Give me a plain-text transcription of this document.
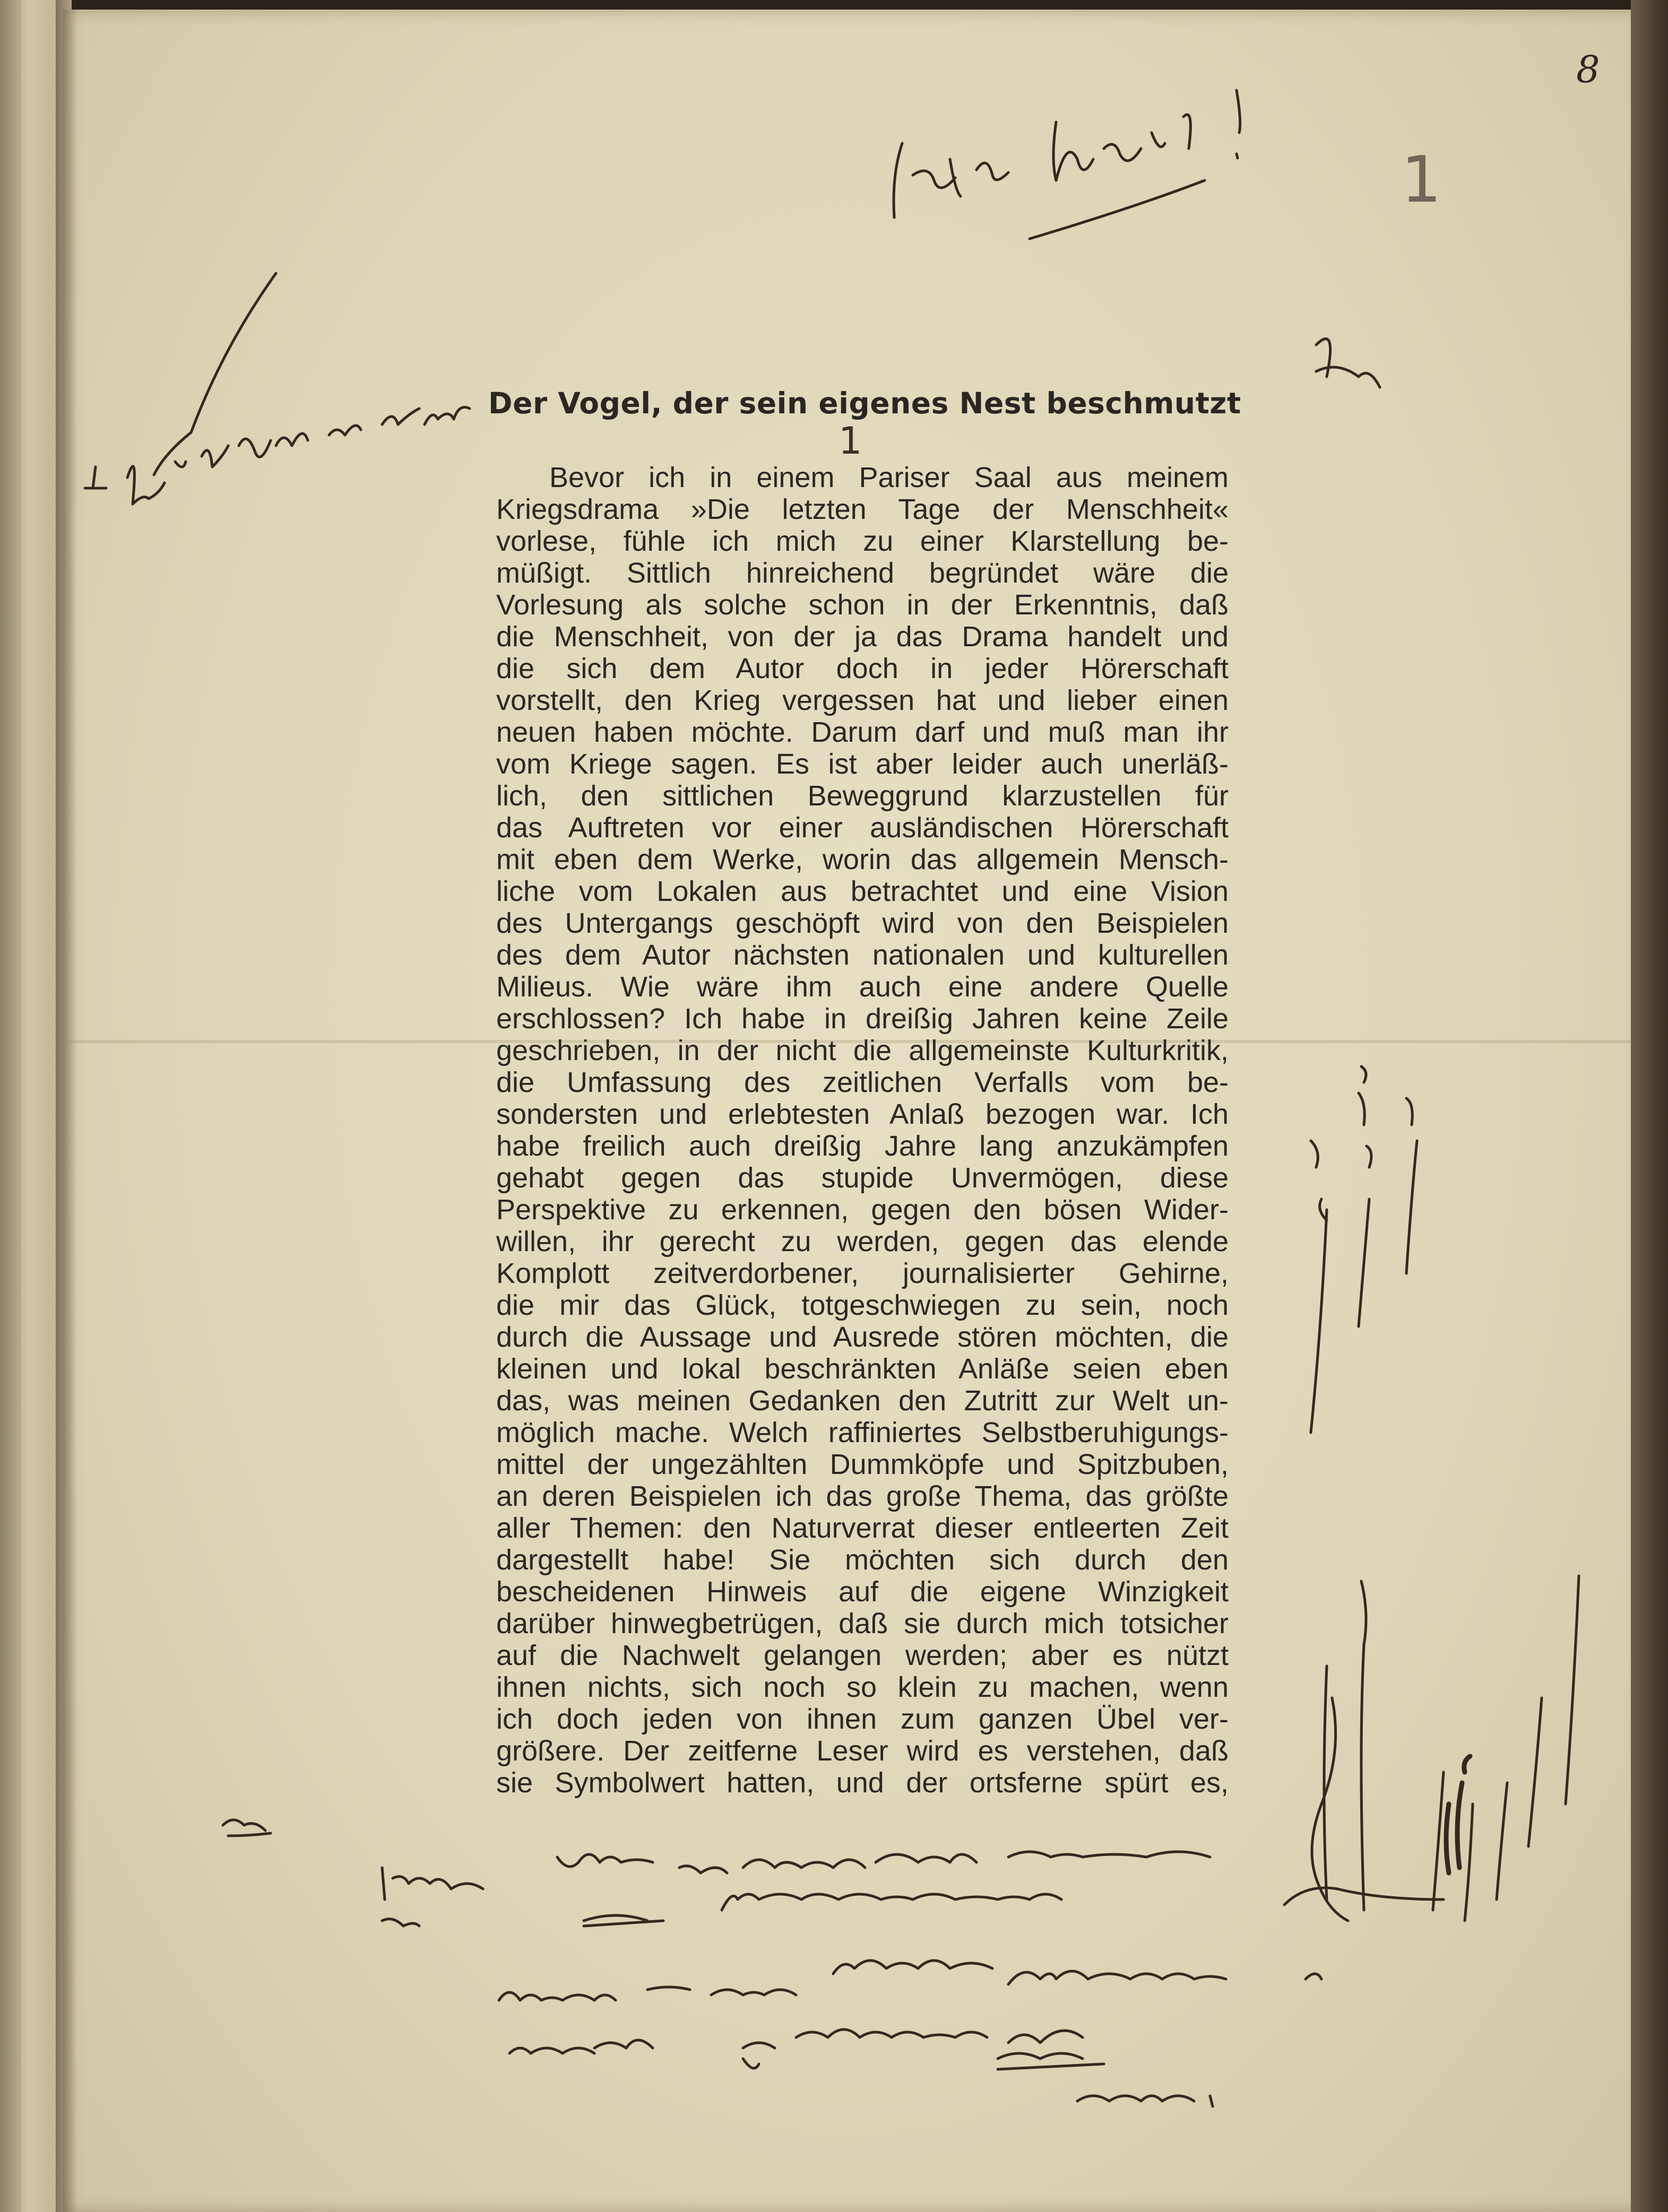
8
1
Der Vogel, der sein eigenes Nest beschmutzt
1
Bevor ich in einem Pariser Saal aus meinem
Kriegsdrama »Die letzten Tage der Menschheit«
vorlese, fühle ich mich zu einer Klarstellung be-
müßigt. Sittlich hinreichend begründet wäre die
Vorlesung als solche schon in der Erkenntnis, daß
die Menschheit, von der ja das Drama handelt und
die sich dem Autor doch in jeder Hörerschaft
vorstellt, den Krieg vergessen hat und lieber einen
neuen haben möchte. Darum darf und muß man ihr
vom Kriege sagen. Es ist aber leider auch unerläß-
lich, den sittlichen Beweggrund klarzustellen für
das Auftreten vor einer ausländischen Hörerschaft
mit eben dem Werke, worin das allgemein Mensch-
liche vom Lokalen aus betrachtet und eine Vision
des Untergangs geschöpft wird von den Beispielen
des dem Autor nächsten nationalen und kulturellen
Milieus. Wie wäre ihm auch eine andere Quelle
erschlossen? Ich habe in dreißig Jahren keine Zeile
geschrieben, in der nicht die allgemeinste Kulturkritik,
die Umfassung des zeitlichen Verfalls vom be-
sondersten und erlebtesten Anlaß bezogen war. Ich
habe freilich auch dreißig Jahre lang anzukämpfen
gehabt gegen das stupide Unvermögen, diese
Perspektive zu erkennen, gegen den bösen Wider-
willen, ihr gerecht zu werden, gegen das elende
Komplott zeitverdorbener, journalisierter Gehirne,
die mir das Glück, totgeschwiegen zu sein, noch
durch die Aussage und Ausrede stören möchten, die
kleinen und lokal beschränkten Anläße seien eben
das, was meinen Gedanken den Zutritt zur Welt un-
möglich mache. Welch raffiniertes Selbstberuhigungs-
mittel der ungezählten Dummköpfe und Spitzbuben,
an deren Beispielen ich das große Thema, das größte
aller Themen: den Naturverrat dieser entleerten Zeit
dargestellt habe! Sie möchten sich durch den
bescheidenen Hinweis auf die eigene Winzigkeit
darüber hinwegbetrügen, daß sie durch mich totsicher
auf die Nachwelt gelangen werden; aber es nützt
ihnen nichts, sich noch so klein zu machen, wenn
ich doch jeden von ihnen zum ganzen Übel ver-
größere. Der zeitferne Leser wird es verstehen, daß
sie Symbolwert hatten, und der ortsferne spürt es,
